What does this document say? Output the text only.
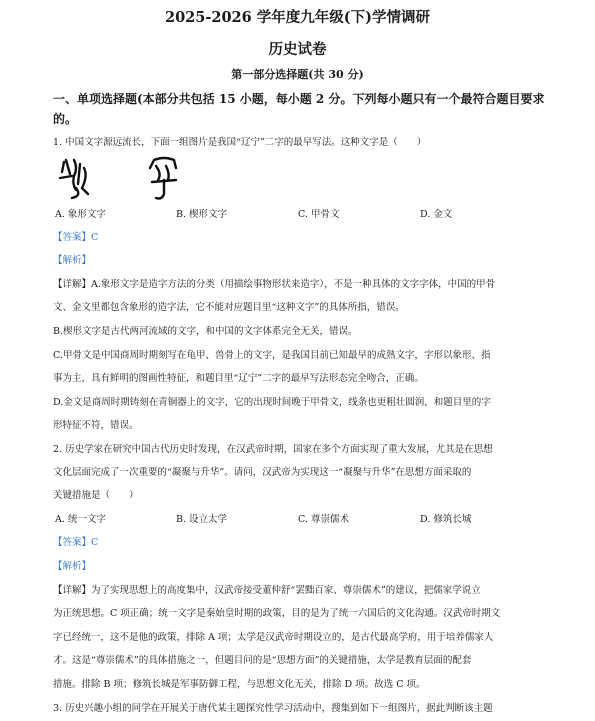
2025-2026 学年度九年级(下)学情调研
历史试卷
第一部分选择题(共 30 分)
一、单项选择题(本部分共包括 15 小题，每小题 2 分。下列每小题只有一个最符合题目要求
的。
1. 中国文字源远流长，下面一组图片是我国“辽宁”二字的最早写法。这种文字是（　　）
A. 象形文字	B. 楔形文字	C. 甲骨文	D. 金文
【答案】C
【解析】
【详解】A.象形文字是造字方法的分类（用描绘事物形状来造字），不是一种具体的文字字体，中国的甲骨
文、金文里都包含象形的造字法，它不能对应题目里“这种文字”的具体所指，错误。
B.楔形文字是古代两河流域的文字，和中国的文字体系完全无关，错误。
C.甲骨文是中国商周时期刻写在龟甲、兽骨上的文字，是我国目前已知最早的成熟文字，字形以象形、指
事为主，具有鲜明的图画性特征，和题目里“辽宁”二字的最早写法形态完全吻合，正确。
D.金文是商周时期铸刻在青铜器上的文字，它的出现时间晚于甲骨文，线条也更粗壮圆润，和题目里的字
形特征不符，错误。
2. 历史学家在研究中国古代历史时发现，在汉武帝时期，国家在多个方面实现了重大发展，尤其是在思想
文化层面完成了一次重要的“凝聚与升华”。请问，汉武帝为实现这一“凝聚与升华”在思想方面采取的
关键措施是（　　）
A. 统一文字	B. 设立太学	C. 尊崇儒术	D. 修筑长城
【答案】C
【解析】
【详解】为了实现思想上的高度集中，汉武帝接受董仲舒“罢黜百家、尊崇儒术”的建议，把儒家学说立
为正统思想。C 项正确；统一文字是秦始皇时期的政策，目的是为了统一六国后的文化沟通。汉武帝时期文
字已经统一，这不是他的政策，排除 A 项；太学是汉武帝时期设立的，是古代最高学府，用于培养儒家人
才。这是“尊崇儒术”的具体措施之一，但题目问的是“思想方面”的关键措施，太学是教育层面的配套
措施。排除 B 项；修筑长城是军事防御工程，与思想文化无关，排除 D 项。故选 C 项。
3. 历史兴趣小组的同学在开展关于唐代某主题探究性学习活动中，搜集到如下一组图片，据此判断该主题
